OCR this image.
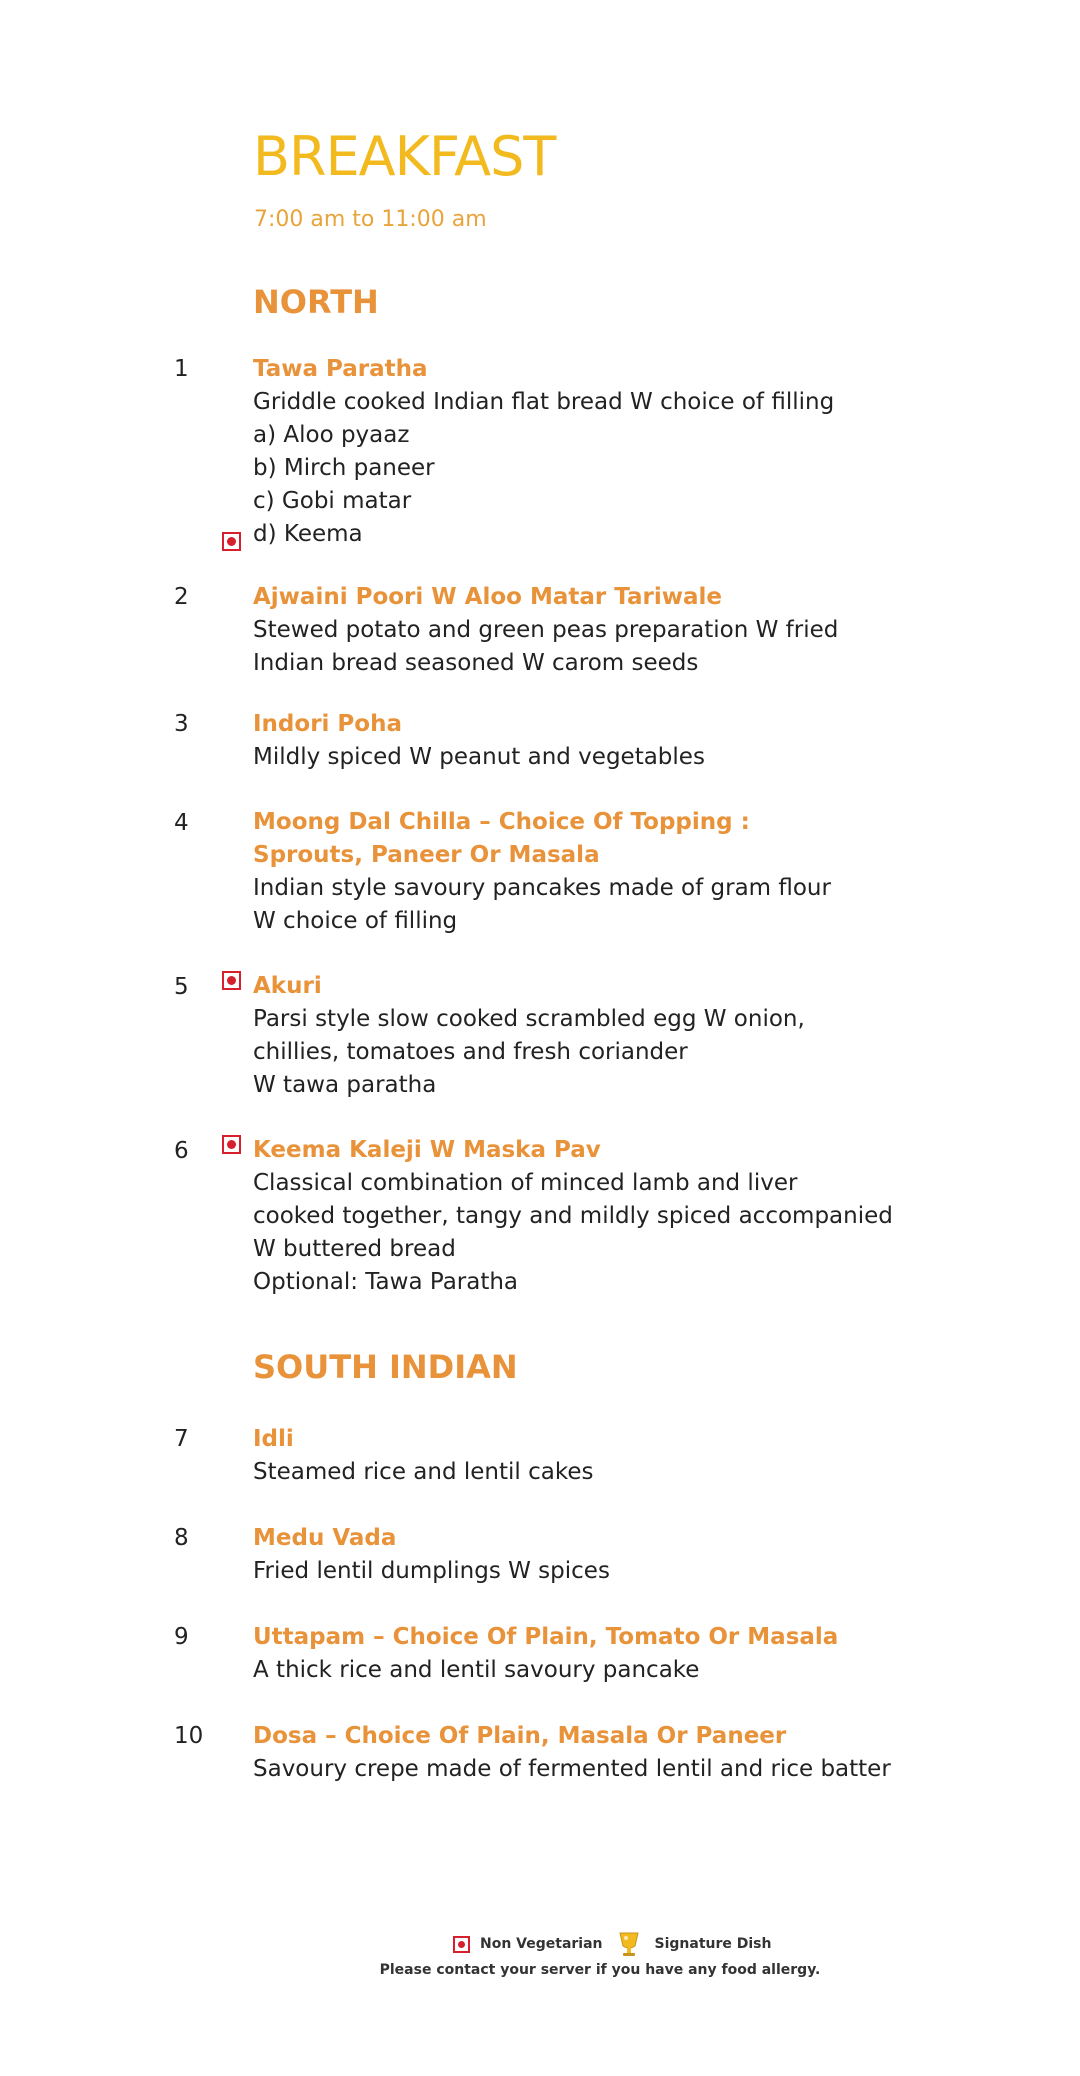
BREAKFAST
7:00 am to 11:00 am
NORTH
1	Tawa Paratha
Griddle cooked Indian flat bread W choice of filling
a) Aloo pyaaz
b) Mirch paneer
c) Gobi matar
d) Keema
2	Ajwaini Poori W Aloo Matar Tariwale
Stewed potato and green peas preparation W fried
Indian bread seasoned W carom seeds
3	Indori Poha
Mildly spiced W peanut and vegetables
4	Moong Dal Chilla – Choice Of Topping :
Sprouts, Paneer Or Masala
Indian style savoury pancakes made of gram flour
W choice of filling
5	Akuri
Parsi style slow cooked scrambled egg W onion,
chillies, tomatoes and fresh coriander
W tawa paratha
6	Keema Kaleji W Maska Pav
Classical combination of minced lamb and liver
cooked together, tangy and mildly spiced accompanied
W buttered bread
Optional: Tawa Paratha
SOUTH INDIAN
7	Idli
Steamed rice and lentil cakes
8	Medu Vada
Fried lentil dumplings W spices
9	Uttapam – Choice Of Plain, Tomato Or Masala
A thick rice and lentil savoury pancake
10 Dosa – Choice Of Plain, Masala Or Paneer
Savoury crepe made of fermented lentil and rice batter
Non Vegetarian	Signature Dish
Please contact your server if you have any food allergy.
